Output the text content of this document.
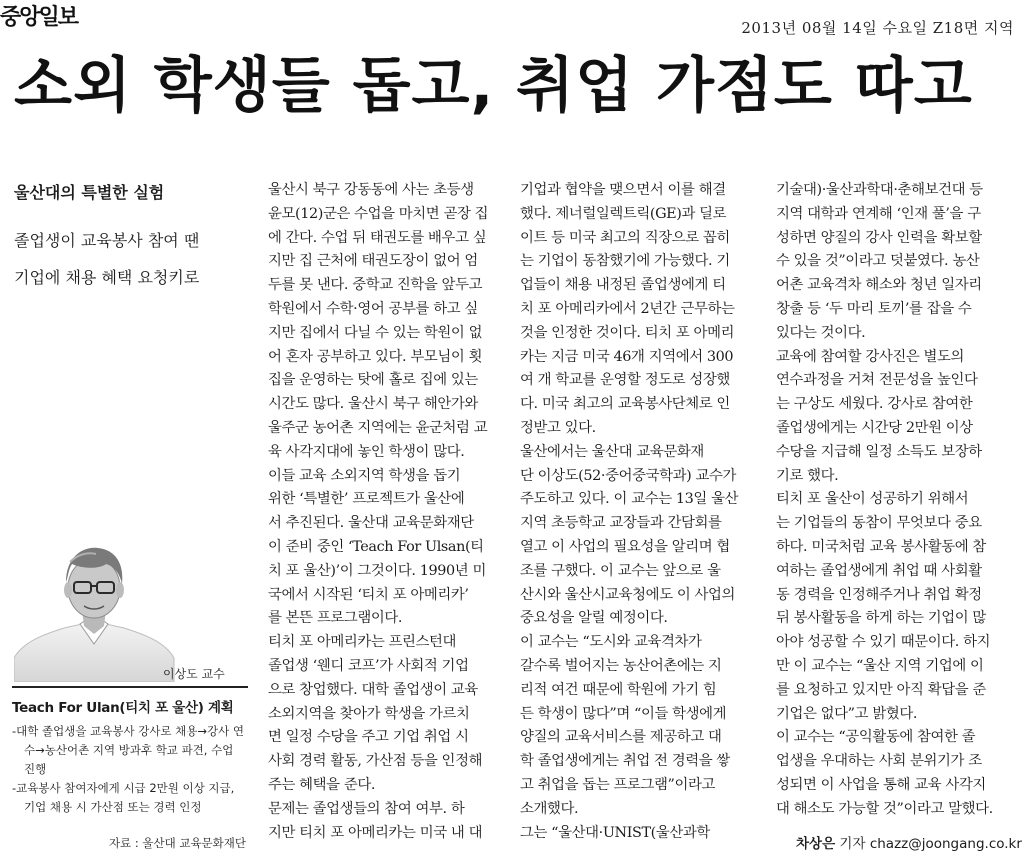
중앙일보	2013년 08월 14일 수요일 Z18면 지역
소외 학생들 돕고, 취업 가점도 따고
울산대의 특별한 실험
졸업생이 교육봉사 참여 땐
기업에 채용 혜택 요청키로
이상도 교수
Teach For Ulan(티치 포 울산) 계획
-대학 졸업생을 교육봉사 강사로 채용→강사 연수→농산어촌 지역 방과후 학교 파견, 수업 진행
-교육봉사 참여자에게 시급 2만원 이상 지급, 기업 채용 시 가산점 또는 경력 인정
자료 : 울산대 교육문화재단
울산시 북구 강동동에 사는 초등생
윤모(12)군은 수업을 마치면 곧장 집
에 간다. 수업 뒤 태권도를 배우고 싶
지만 집 근처에 태권도장이 없어 엄
두를 못 낸다. 중학교 진학을 앞두고
학원에서 수학·영어 공부를 하고 싶
지만 집에서 다닐 수 있는 학원이 없
어 혼자 공부하고 있다. 부모님이 횟
집을 운영하는 탓에 홀로 집에 있는
시간도 많다. 울산시 북구 해안가와
울주군 농어촌 지역에는 윤군처럼 교
육 사각지대에 놓인 학생이 많다.
이들 교육 소외지역 학생을 돕기
위한 ‘특별한’ 프로젝트가 울산에
서 추진된다. 울산대 교육문화재단
이 준비 중인 ‘Teach For Ulsan(티
치 포 울산)’이 그것이다. 1990년 미
국에서 시작된 ‘티치 포 아메리카’
를 본뜬 프로그램이다.
티치 포 아메리카는 프린스턴대
졸업생 ‘웬디 코프’가 사회적 기업
으로 창업했다. 대학 졸업생이 교육
소외지역을 찾아가 학생을 가르치
면 일정 수당을 주고 기업 취업 시
사회 경력 활동, 가산점 등을 인정해
주는 혜택을 준다.
문제는 졸업생들의 참여 여부. 하
지만 티치 포 아메리카는 미국 내 대
기업과 협약을 맺으면서 이를 해결
했다. 제너럴일렉트릭(GE)과 딜로
이트 등 미국 최고의 직장으로 꼽히
는 기업이 동참했기에 가능했다. 기
업들이 채용 내정된 졸업생에게 티
치 포 아메리카에서 2년간 근무하는
것을 인정한 것이다. 티치 포 아메리
카는 지금 미국 46개 지역에서 300
여 개 학교를 운영할 정도로 성장했
다. 미국 최고의 교육봉사단체로 인
정받고 있다.
울산에서는 울산대 교육문화재
단 이상도(52·중어중국학과) 교수가
주도하고 있다. 이 교수는 13일 울산
지역 초등학교 교장들과 간담회를
열고 이 사업의 필요성을 알리며 협
조를 구했다. 이 교수는 앞으로 울
산시와 울산시교육청에도 이 사업의
중요성을 알릴 예정이다.
이 교수는 “도시와 교육격차가
갈수록 벌어지는 농산어촌에는 지
리적 여건 때문에 학원에 가기 힘
든 학생이 많다”며 “이들 학생에게
양질의 교육서비스를 제공하고 대
학 졸업생에게는 취업 전 경력을 쌓
고 취업을 돕는 프로그램”이라고
소개했다.
그는 “울산대·UNIST(울산과학
기술대)·울산과학대·춘해보건대 등
지역 대학과 연계해 ‘인재 풀’을 구
성하면 양질의 강사 인력을 확보할
수 있을 것”이라고 덧붙였다. 농산
어촌 교육격차 해소와 청년 일자리
창출 등 ‘두 마리 토끼’를 잡을 수
있다는 것이다.
교육에 참여할 강사진은 별도의
연수과정을 거쳐 전문성을 높인다
는 구상도 세웠다. 강사로 참여한
졸업생에게는 시간당 2만원 이상
수당을 지급해 일정 소득도 보장하
기로 했다.
티치 포 울산이 성공하기 위해서
는 기업들의 동참이 무엇보다 중요
하다. 미국처럼 교육 봉사활동에 참
여하는 졸업생에게 취업 때 사회활
동 경력을 인정해주거나 취업 확정
뒤 봉사활동을 하게 하는 기업이 많
아야 성공할 수 있기 때문이다. 하지
만 이 교수는 “울산 지역 기업에 이
를 요청하고 있지만 아직 확답을 준
기업은 없다”고 밝혔다.
이 교수는 “공익활동에 참여한 졸
업생을 우대하는 사회 분위기가 조
성되면 이 사업을 통해 교육 사각지
대 해소도 가능할 것”이라고 말했다.
차상은 기자 chazz@joongang.co.kr
